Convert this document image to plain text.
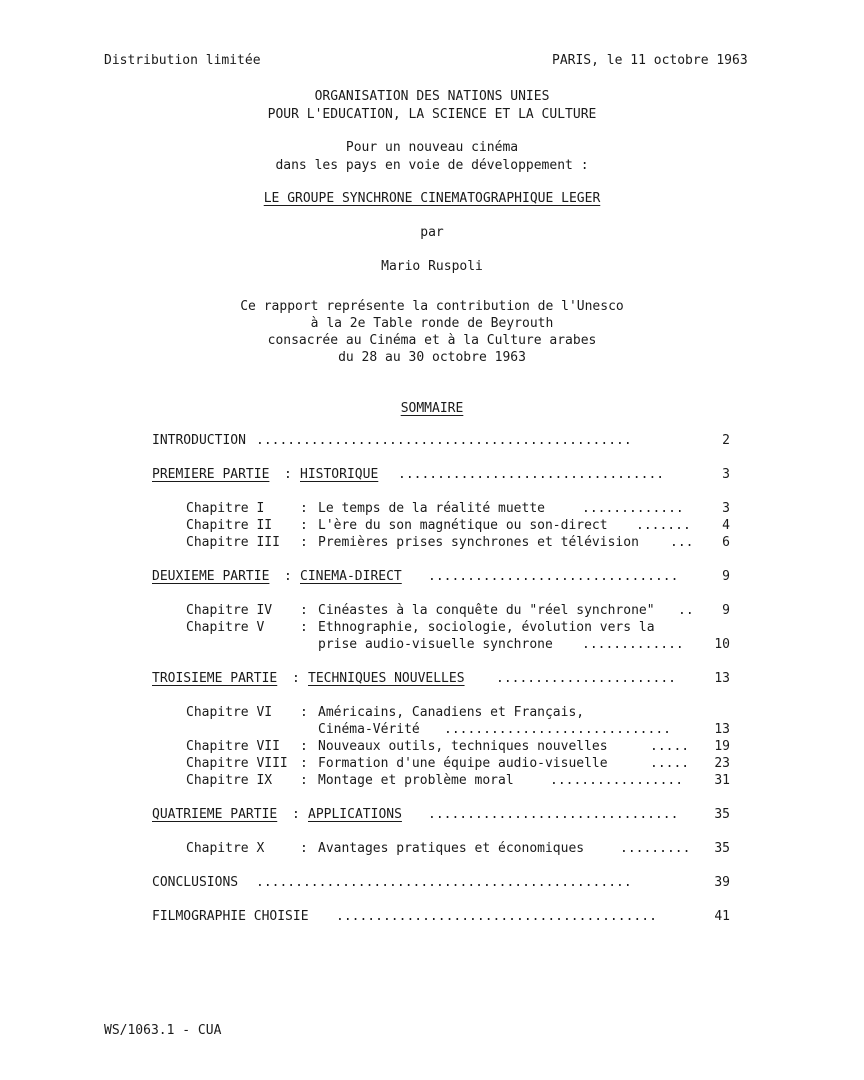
Distribution limitée	PARIS, le 11 octobre 1963
ORGANISATION DES NATIONS UNIES
POUR L'EDUCATION, LA SCIENCE ET LA CULTURE
Pour un nouveau cinéma
dans les pays en voie de développement :
LE GROUPE SYNCHRONE CINEMATOGRAPHIQUE LEGER
par
Mario Ruspoli
Ce rapport représente la contribution de l'Unesco
à la 2e Table ronde de Beyrouth
consacrée au Cinéma et à la Culture arabes
du 28 au 30 octobre 1963
SOMMAIRE
INTRODUCTION ................................................	2
PREMIERE PARTIE : HISTORIQUE ..................................	3
Chapitre I	: Le temps de la réalité muette	.............	3
Chapitre II : L'ère du son magnétique ou son-direct .......	4
Chapitre III : Premières prises synchrones et télévision ...	6
DEUXIEME PARTIE : CINEMA-DIRECT ................................	9
Chapitre IV : Cinéastes à la conquête du "réel synchrone" ..	9
Chapitre V	: Ethnographie, sociologie, évolution vers la
prise audio-visuelle synchrone .............	10
TROISIEME PARTIE : TECHNIQUES NOUVELLES .......................	13
Chapitre VI : Américains, Canadiens et Français,
Cinéma-Vérité .............................	13
Chapitre VII : Nouveaux outils, techniques nouvelles	.....	19
Chapitre VIII : Formation d'une équipe audio-visuelle	.....	23
Chapitre IX : Montage et problème moral	.................	31
QUATRIEME PARTIE : APPLICATIONS ................................	35
Chapitre X	: Avantages pratiques et économiques	.........	35
CONCLUSIONS ................................................	39
FILMOGRAPHIE CHOISIE .........................................	41
WS/1063.1 - CUA
